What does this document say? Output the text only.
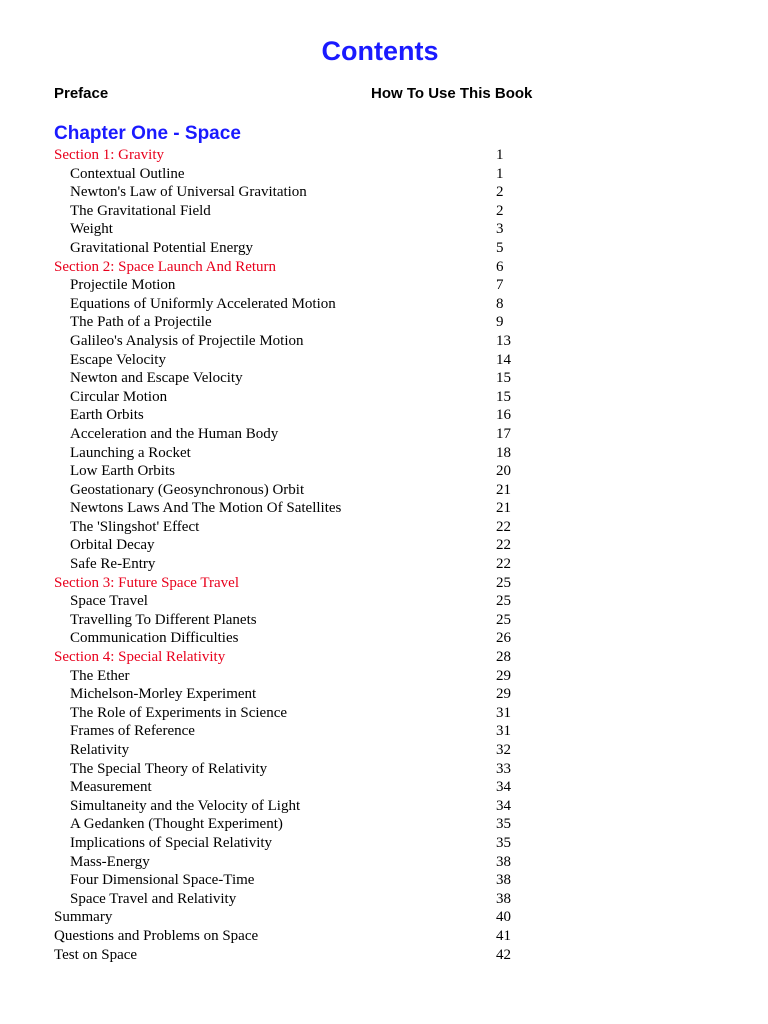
Contents
Preface	How To Use This Book
Chapter One - Space
Section 1: Gravity	1
Contextual Outline	1
Newton's Law of Universal Gravitation	2
The Gravitational Field	2
Weight	3
Gravitational Potential Energy	5
Section 2: Space Launch And Return	6
Projectile Motion	7
Equations of Uniformly Accelerated Motion	8
The Path of a Projectile	9
Galileo's Analysis of Projectile Motion	13
Escape Velocity	14
Newton and Escape Velocity	15
Circular Motion	15
Earth Orbits	16
Acceleration and the Human Body	17
Launching a Rocket	18
Low Earth Orbits	20
Geostationary (Geosynchronous) Orbit	21
Newtons Laws And The Motion Of Satellites	21
The 'Slingshot' Effect	22
Orbital Decay	22
Safe Re-Entry	22
Section 3: Future Space Travel	25
Space Travel	25
Travelling To Different Planets	25
Communication Difficulties	26
Section 4: Special Relativity	28
The Ether	29
Michelson-Morley Experiment	29
The Role of Experiments in Science	31
Frames of Reference	31
Relativity	32
The Special Theory of Relativity	33
Measurement	34
Simultaneity and the Velocity of Light	34
A Gedanken (Thought Experiment)	35
Implications of Special Relativity	35
Mass-Energy	38
Four Dimensional Space-Time	38
Space Travel and Relativity	38
Summary	40
Questions and Problems on Space	41
Test on Space	42
